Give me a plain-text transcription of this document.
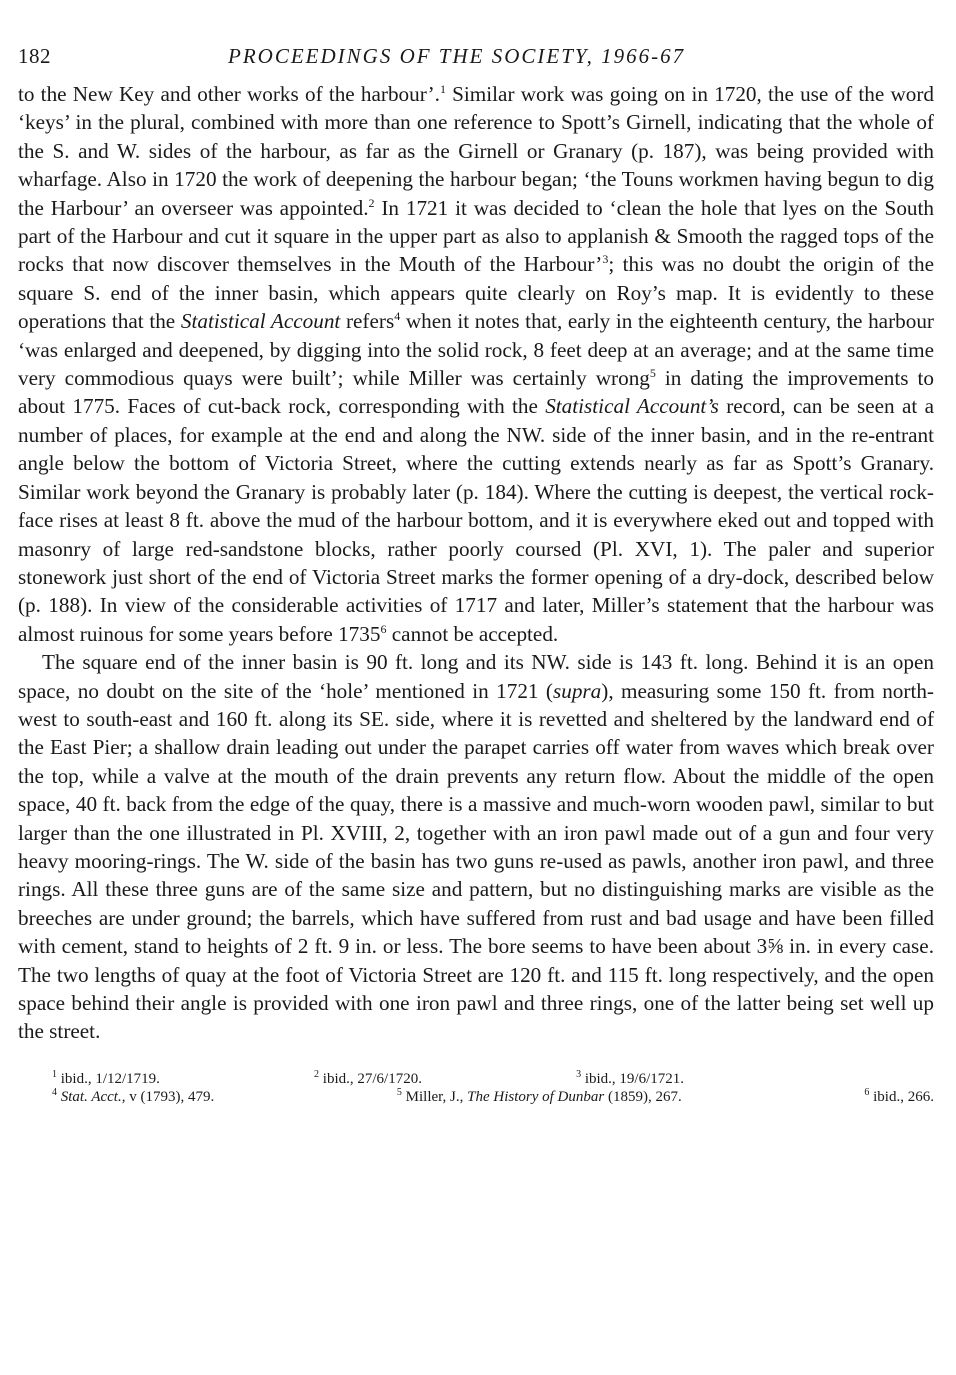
182	PROCEEDINGS OF THE SOCIETY, 1966-67

to the New Key and other works of the harbour’.$^1$ Similar work was going on in 1720, the use of the word ‘keys’ in the plural, combined with more than one reference to Spott’s Girnell, indicating that the whole of the S. and W. sides of the harbour, as far as the Girnell or Granary (p. 187), was being provided with wharfage. Also in 1720 the work of deepening the harbour began; ‘the Touns workmen having begun to dig the Harbour’ an overseer was appointed.$^2$ In 1721 it was decided to ‘clean the hole that lyes on the South part of the Harbour and cut it square in the upper part as also to applanish & Smooth the ragged tops of the rocks that now discover themselves in the Mouth of the Harbour’$^3$; this was no doubt the origin of the square S. end of the inner basin, which appears quite clearly on Roy’s map. It is evidently to these operations that the Statistical Account refers$^4$ when it notes that, early in the eighteenth century, the harbour ‘was enlarged and deepened, by digging into the solid rock, 8 feet deep at an average; and at the same time very commodious quays were built’; while Miller was certainly wrong$^5$ in dating the improvements to about 1775. Faces of cut-back rock, corresponding with the Statistical Account’s record, can be seen at a number of places, for example at the end and along the NW. side of the inner basin, and in the re-entrant angle below the bottom of Victoria Street, where the cutting extends nearly as far as Spott’s Granary. Similar work beyond the Granary is probably later (p. 184). Where the cutting is deepest, the vertical rock-face rises at least 8 ft. above the mud of the harbour bottom, and it is everywhere eked out and topped with masonry of large red-sandstone blocks, rather poorly coursed (Pl. XVI, 1). The paler and superior stonework just short of the end of Victoria Street marks the former opening of a dry-dock, described below (p. 188). In view of the considerable activities of 1717 and later, Miller’s statement that the harbour was almost ruinous for some years before 1735$^6$ cannot be accepted.

The square end of the inner basin is 90 ft. long and its NW. side is 143 ft. long. Behind it is an open space, no doubt on the site of the ‘hole’ mentioned in 1721 (supra), measuring some 150 ft. from north-west to south-east and 160 ft. along its SE. side, where it is revetted and sheltered by the landward end of the East Pier; a shallow drain leading out under the parapet carries off water from waves which break over the top, while a valve at the mouth of the drain prevents any return flow. About the middle of the open space, 40 ft. back from the edge of the quay, there is a massive and much-worn wooden pawl, similar to but larger than the one illustrated in Pl. XVIII, 2, together with an iron pawl made out of a gun and four very heavy mooring-rings. The W. side of the basin has two guns re-used as pawls, another iron pawl, and three rings. All these three guns are of the same size and pattern, but no distinguishing marks are visible as the breeches are under ground; the barrels, which have suffered from rust and bad usage and have been filled with cement, stand to heights of 2 ft. 9 in. or less. The bore seems to have been about 3⅝ in. in every case. The two lengths of quay at the foot of Victoria Street are 120 ft. and 115 ft. long respectively, and the open space behind their angle is provided with one iron pawl and three rings, one of the latter being set well up the street.

$^1$ ibid., 1/12/1719.	$^2$ ibid., 27/6/1720.	$^3$ ibid., 19/6/1721.
$^4$ Stat. Acct., v (1793), 479.	$^5$ Miller, J., The History of Dunbar (1859), 267.	$^6$ ibid., 266.
